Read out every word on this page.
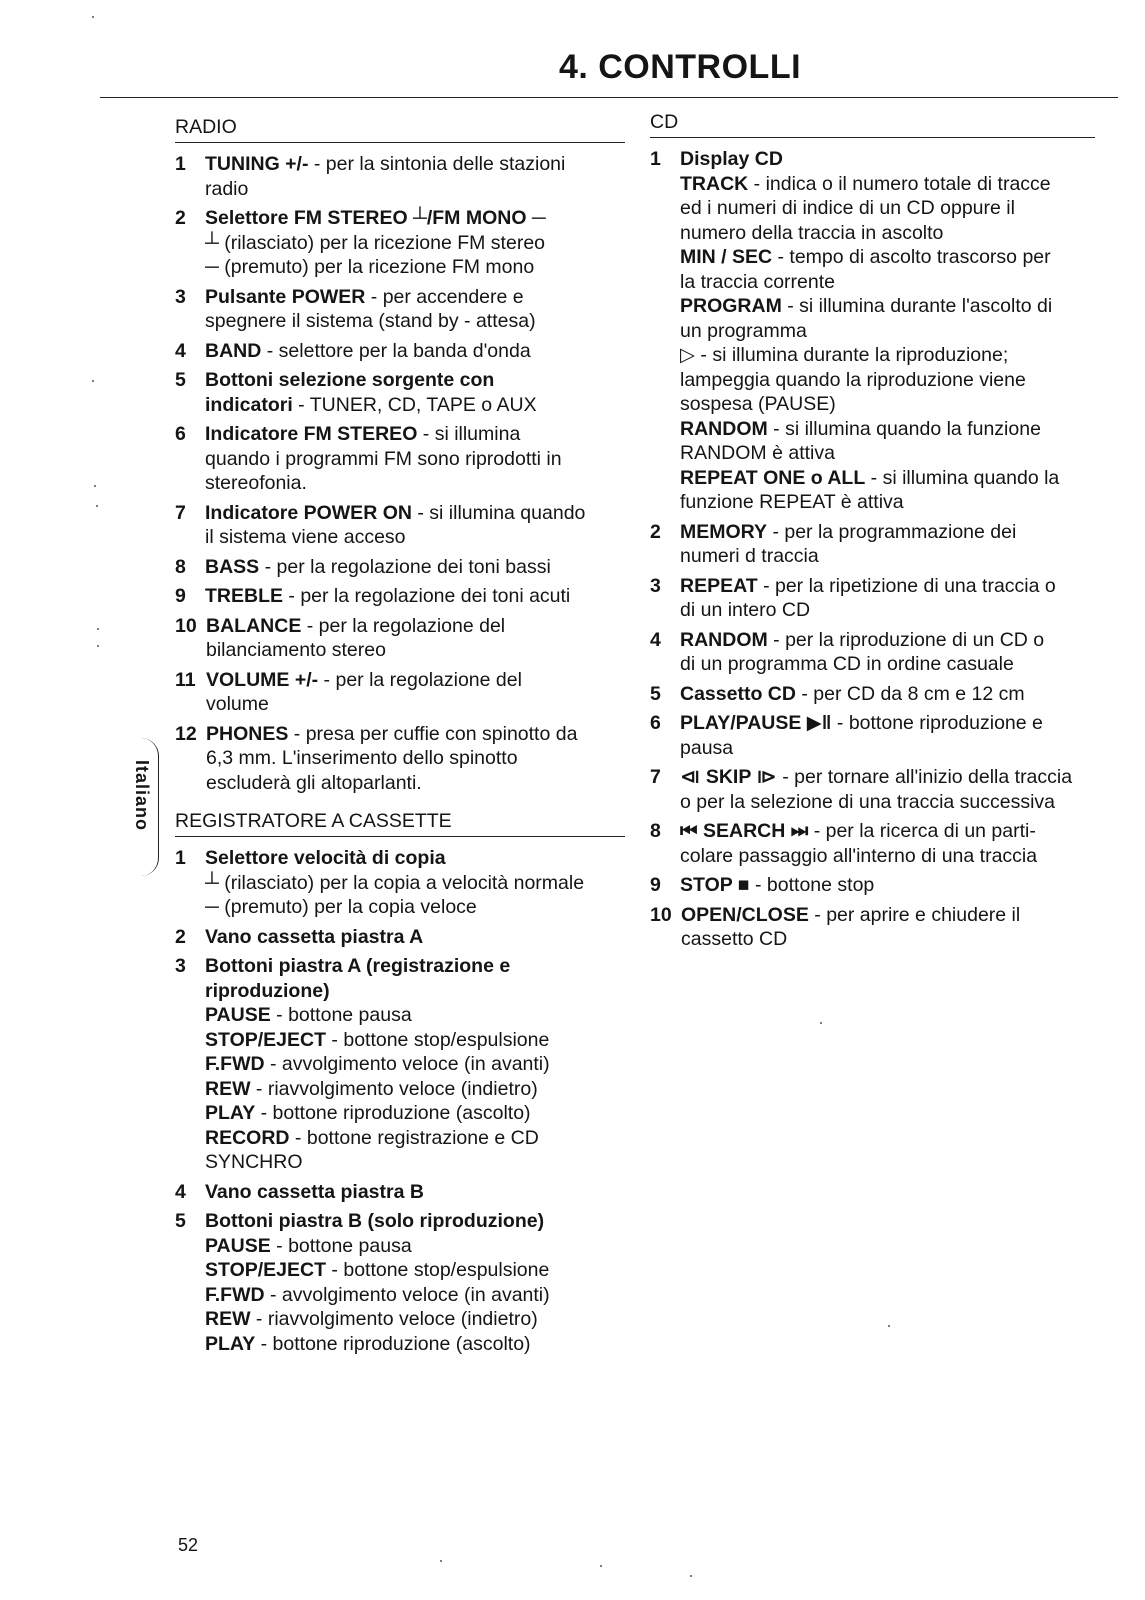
4. CONTROLLI
RADIO
1 TUNING +/- - per la sintonia delle stazioni
radio
2 Selettore FM STEREO ┴/FM MONO ─
┴ (rilasciato) per la ricezione FM stereo
─ (premuto) per la ricezione FM mono
3 Pulsante POWER - per accendere e
spegnere il sistema (stand by - attesa)
4 BAND - selettore per la banda d'onda
5 Bottoni selezione sorgente con
indicatori - TUNER, CD, TAPE o AUX
6 Indicatore FM STEREO - si illumina
quando i programmi FM sono riprodotti in
stereofonia.
7 Indicatore POWER ON - si illumina quando
il sistema viene acceso
8 BASS - per la regolazione dei toni bassi
9 TREBLE - per la regolazione dei toni acuti
10 BALANCE - per la regolazione del
bilanciamento stereo
11 VOLUME +/- - per la regolazione del
volume
12 PHONES - presa per cuffie con spinotto da
6,3 mm. L'inserimento dello spinotto
escluderà gli altoparlanti.
REGISTRATORE A CASSETTE
1 Selettore velocità di copia
┴ (rilasciato) per la copia a velocità normale
─ (premuto) per la copia veloce
2 Vano cassetta piastra A
3 Bottoni piastra A (registrazione e
riproduzione)
PAUSE - bottone pausa
STOP/EJECT - bottone stop/espulsione
F.FWD - avvolgimento veloce (in avanti)
REW - riavvolgimento veloce (indietro)
PLAY - bottone riproduzione (ascolto)
RECORD - bottone registrazione e CD
SYNCHRO
4 Vano cassetta piastra B
5 Bottoni piastra B (solo riproduzione)
PAUSE - bottone pausa
STOP/EJECT - bottone stop/espulsione
F.FWD - avvolgimento veloce (in avanti)
REW - riavvolgimento veloce (indietro)
PLAY - bottone riproduzione (ascolto)
CD
1 Display CD
TRACK - indica o il numero totale di tracce
ed i numeri di indice di un CD oppure il
numero della traccia in ascolto
MIN / SEC - tempo di ascolto trascorso per
la traccia corrente
PROGRAM - si illumina durante l'ascolto di
un programma
▷ - si illumina durante la riproduzione;
lampeggia quando la riproduzione viene
sospesa (PAUSE)
RANDOM - si illumina quando la funzione
RANDOM è attiva
REPEAT ONE o ALL - si illumina quando la
funzione REPEAT è attiva
2 MEMORY - per la programmazione dei
numeri d traccia
3 REPEAT - per la ripetizione di una traccia o
di un intero CD
4 RANDOM - per la riproduzione di un CD o
di un programma CD in ordine casuale
5 Cassetto CD - per CD da 8 cm e 12 cm
6 PLAY/PAUSE ▶‖ - bottone riproduzione e
pausa
7 ⧏ SKIP ⧐ - per tornare all'inizio della traccia
o per la selezione di una traccia successiva
8 ⏮ SEARCH ⏭ - per la ricerca di un parti-
colare passaggio all'interno di una traccia
9 STOP ■ - bottone stop
10 OPEN/CLOSE - per aprire e chiudere il
cassetto CD
Italiano
52
